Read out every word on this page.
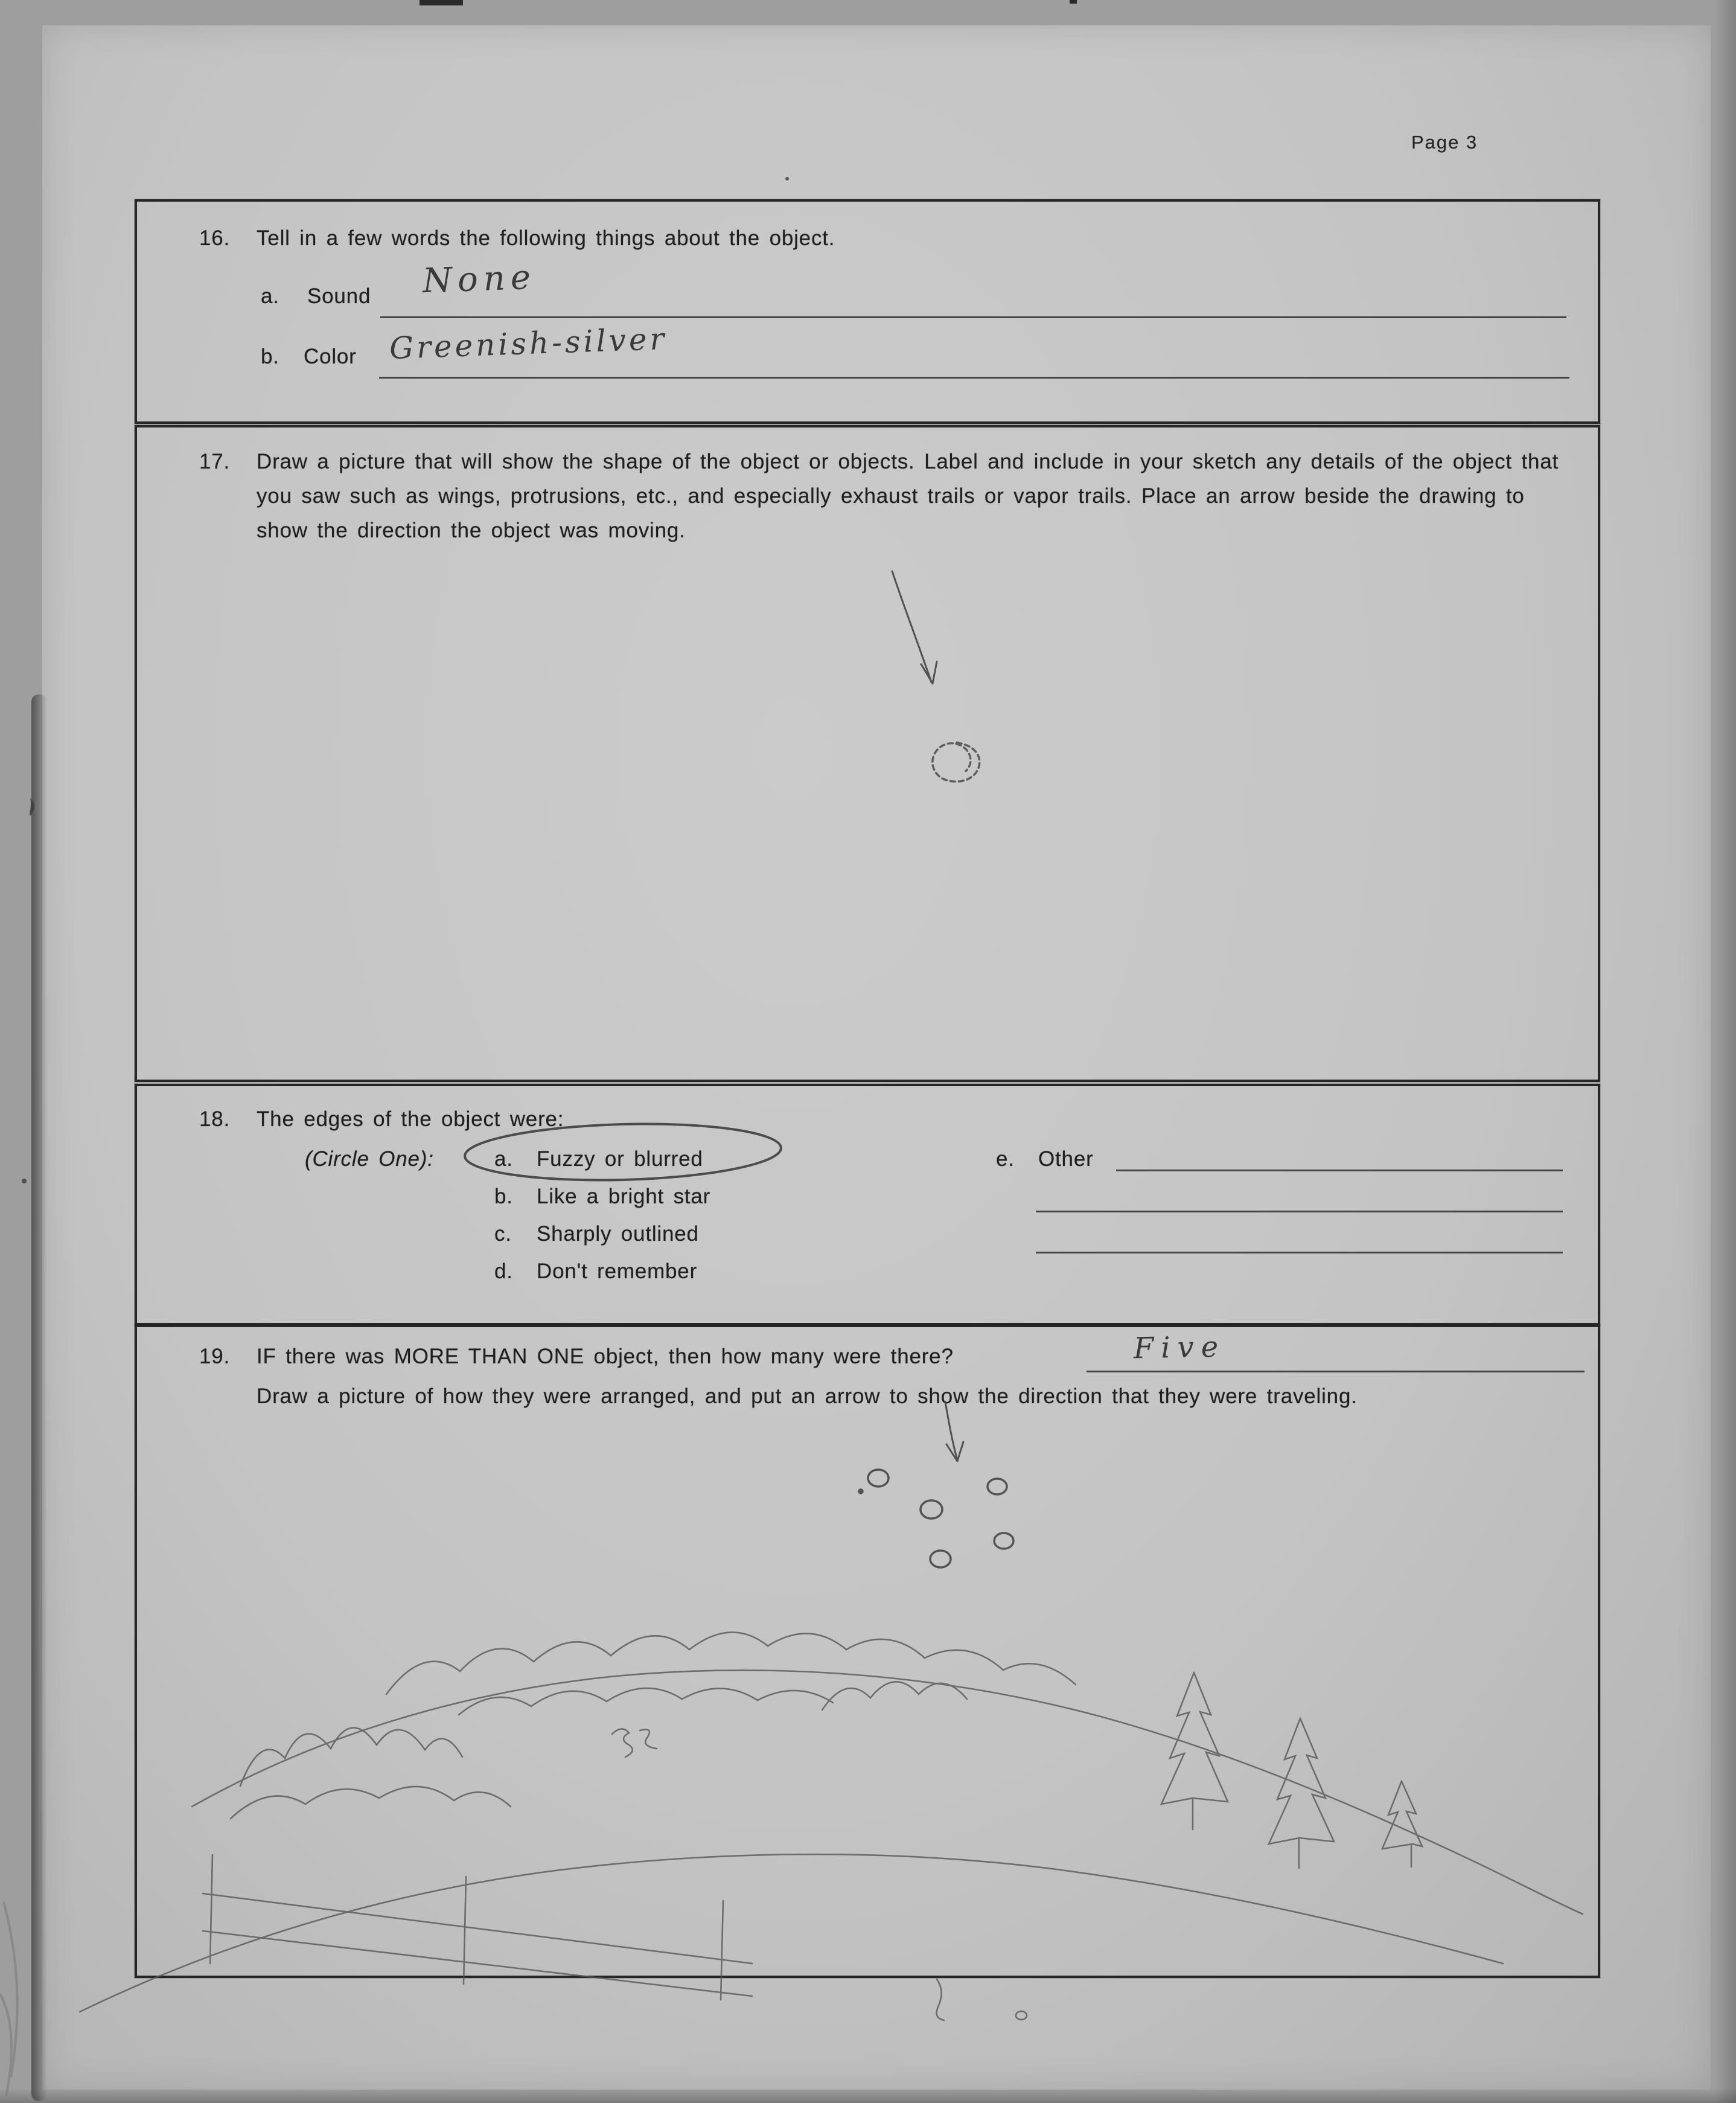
Page 3
16. Tell in a few words the following things about the object.
a. Sound None
b. Color Greenish-silver
17. Draw a picture that will show the shape of the object or objects. Label and include in your sketch any details of the object that you saw such as wings, protrusions, etc., and especially exhaust trails or vapor trails. Place an arrow beside the drawing to show the direction the object was moving.
18. The edges of the object were:
(Circle One):	a. Fuzzy or blurred
b. Like a bright star
c. Sharply outlined
d. Don't remember
e. Other
19. IF there was MORE THAN ONE object, then how many were there?	Five
Draw a picture of how they were arranged, and put an arrow to show the direction that they were traveling.
